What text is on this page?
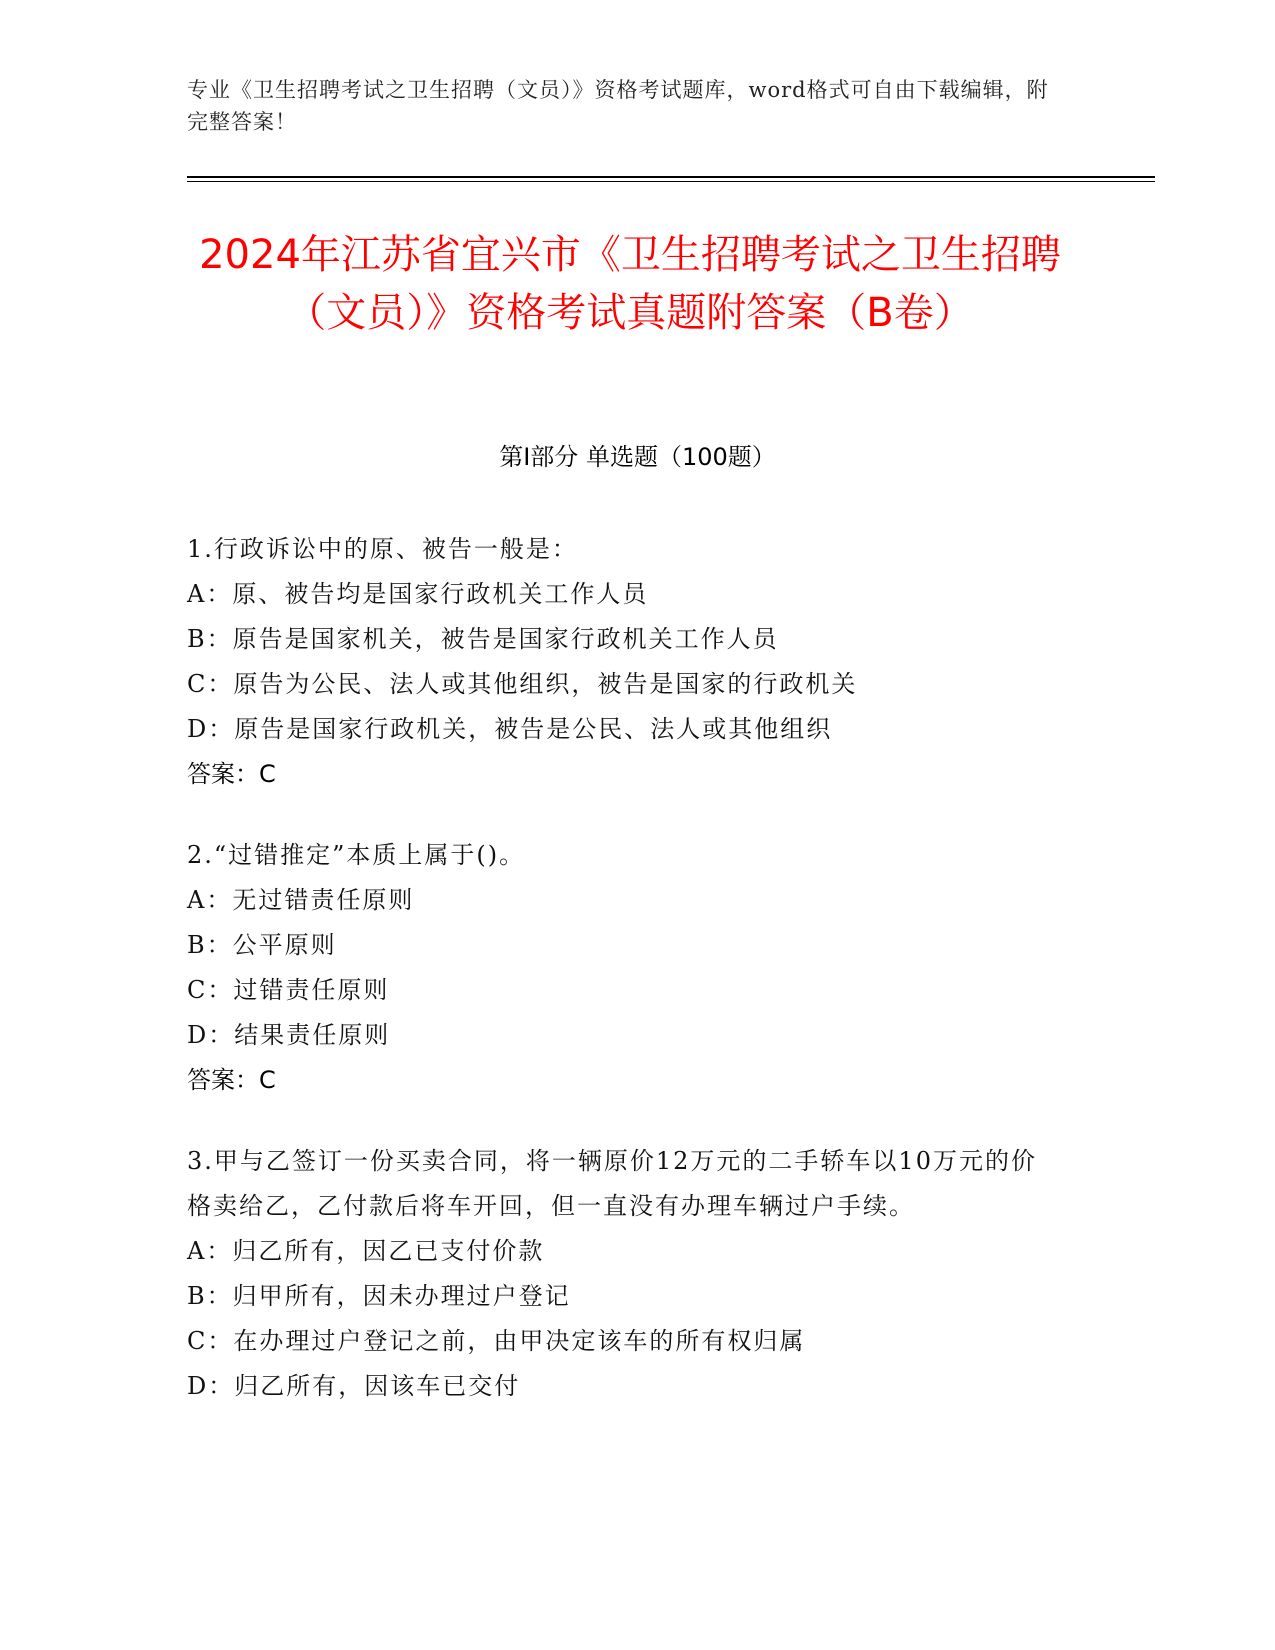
专业《卫生招聘考试之卫生招聘（文员）》资格考试题库，word格式可自由下载编辑，附完整答案！
2024年江苏省宜兴市《卫生招聘考试之卫生招聘（文员）》资格考试真题附答案（B卷）
第I部分 单选题（100题）
1.行政诉讼中的原、被告一般是：
A：原、被告均是国家行政机关工作人员
B：原告是国家机关，被告是国家行政机关工作人员
C：原告为公民、法人或其他组织，被告是国家的行政机关
D：原告是国家行政机关，被告是公民、法人或其他组织
答案：C
2.“过错推定”本质上属于()。
A：无过错责任原则
B：公平原则
C：过错责任原则
D：结果责任原则
答案：C
3.甲与乙签订一份买卖合同，将一辆原价12万元的二手轿车以10万元的价格卖给乙，乙付款后将车开回，但一直没有办理车辆过户手续。
A：归乙所有，因乙已支付价款
B：归甲所有，因未办理过户登记
C：在办理过户登记之前，由甲决定该车的所有权归属
D：归乙所有，因该车已交付
